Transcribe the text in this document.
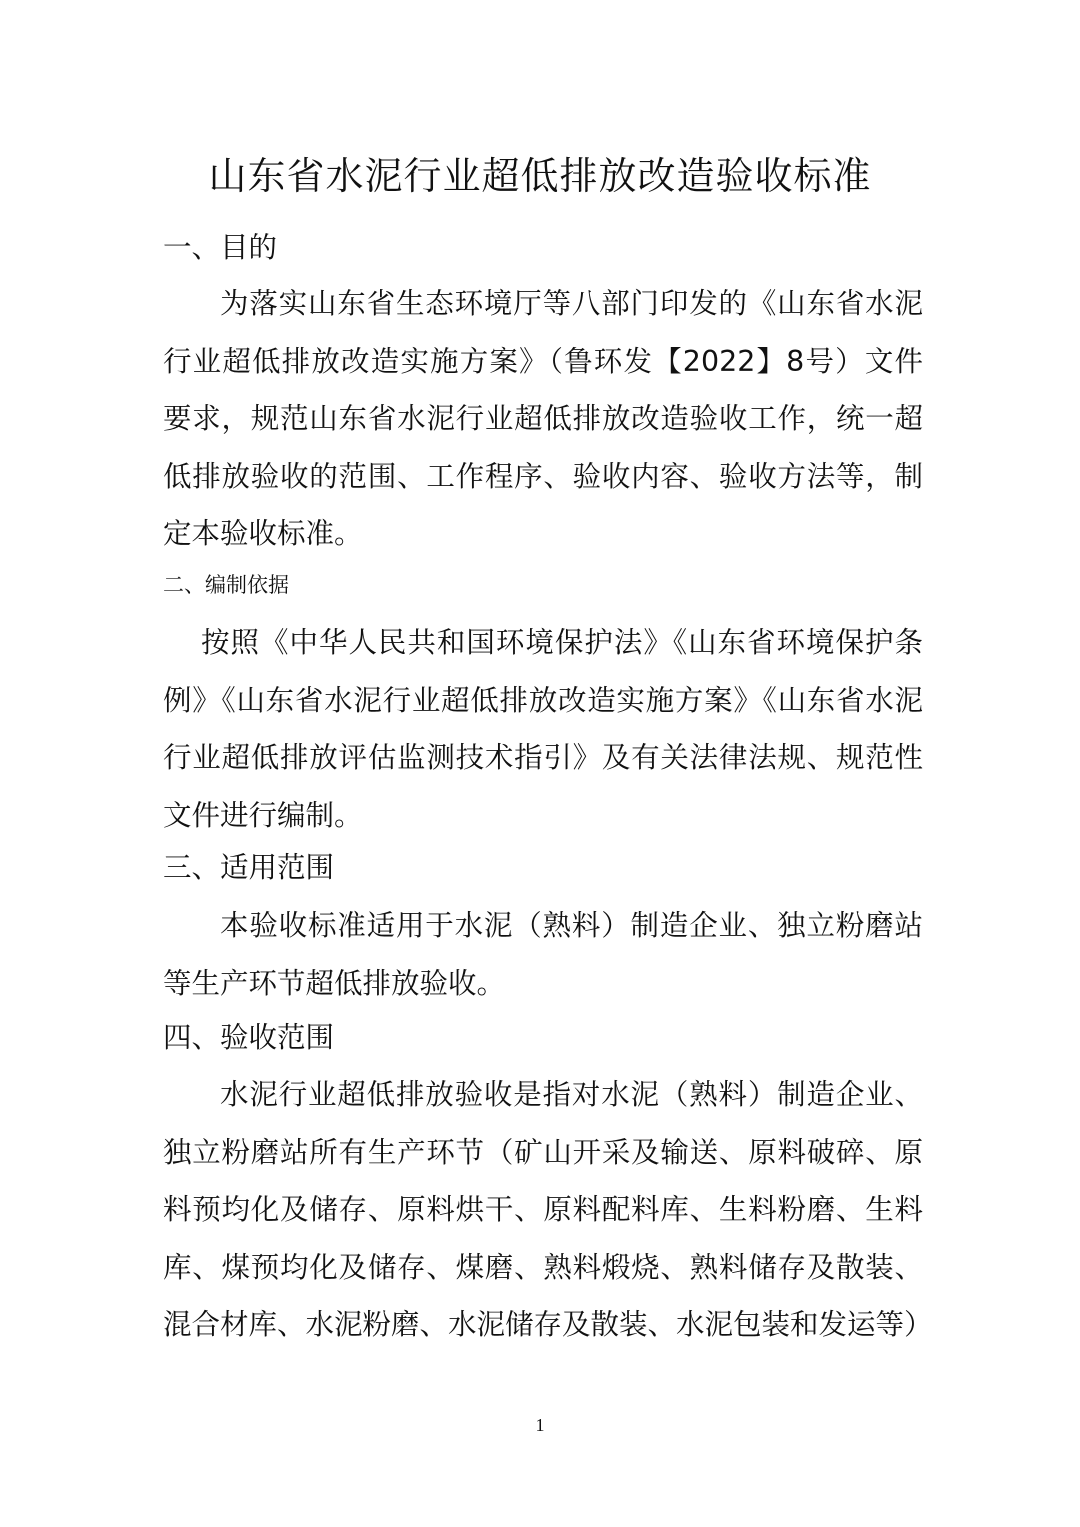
山东省水泥行业超低排放改造验收标准
一、目的
为落实山东省生态环境厅等八部门印发的《山东省水泥行业超低排放改造实施方案》（鲁环发【2022】8号）文件要求，规范山东省水泥行业超低排放改造验收工作，统一超低排放验收的范围、工作程序、验收内容、验收方法等，制定本验收标准。
二、编制依据
按照《中华人民共和国环境保护法》《山东省环境保护条例》《山东省水泥行业超低排放改造实施方案》《山东省水泥行业超低排放评估监测技术指引》及有关法律法规、规范性文件进行编制。
三、适用范围
本验收标准适用于水泥（熟料）制造企业、独立粉磨站等生产环节超低排放验收。
四、验收范围
水泥行业超低排放验收是指对水泥（熟料）制造企业、独立粉磨站所有生产环节（矿山开采及输送、原料破碎、原料预均化及储存、原料烘干、原料配料库、生料粉磨、生料库、煤预均化及储存、煤磨、熟料煅烧、熟料储存及散装、混合材库、水泥粉磨、水泥储存及散装、水泥包装和发运等）
1
